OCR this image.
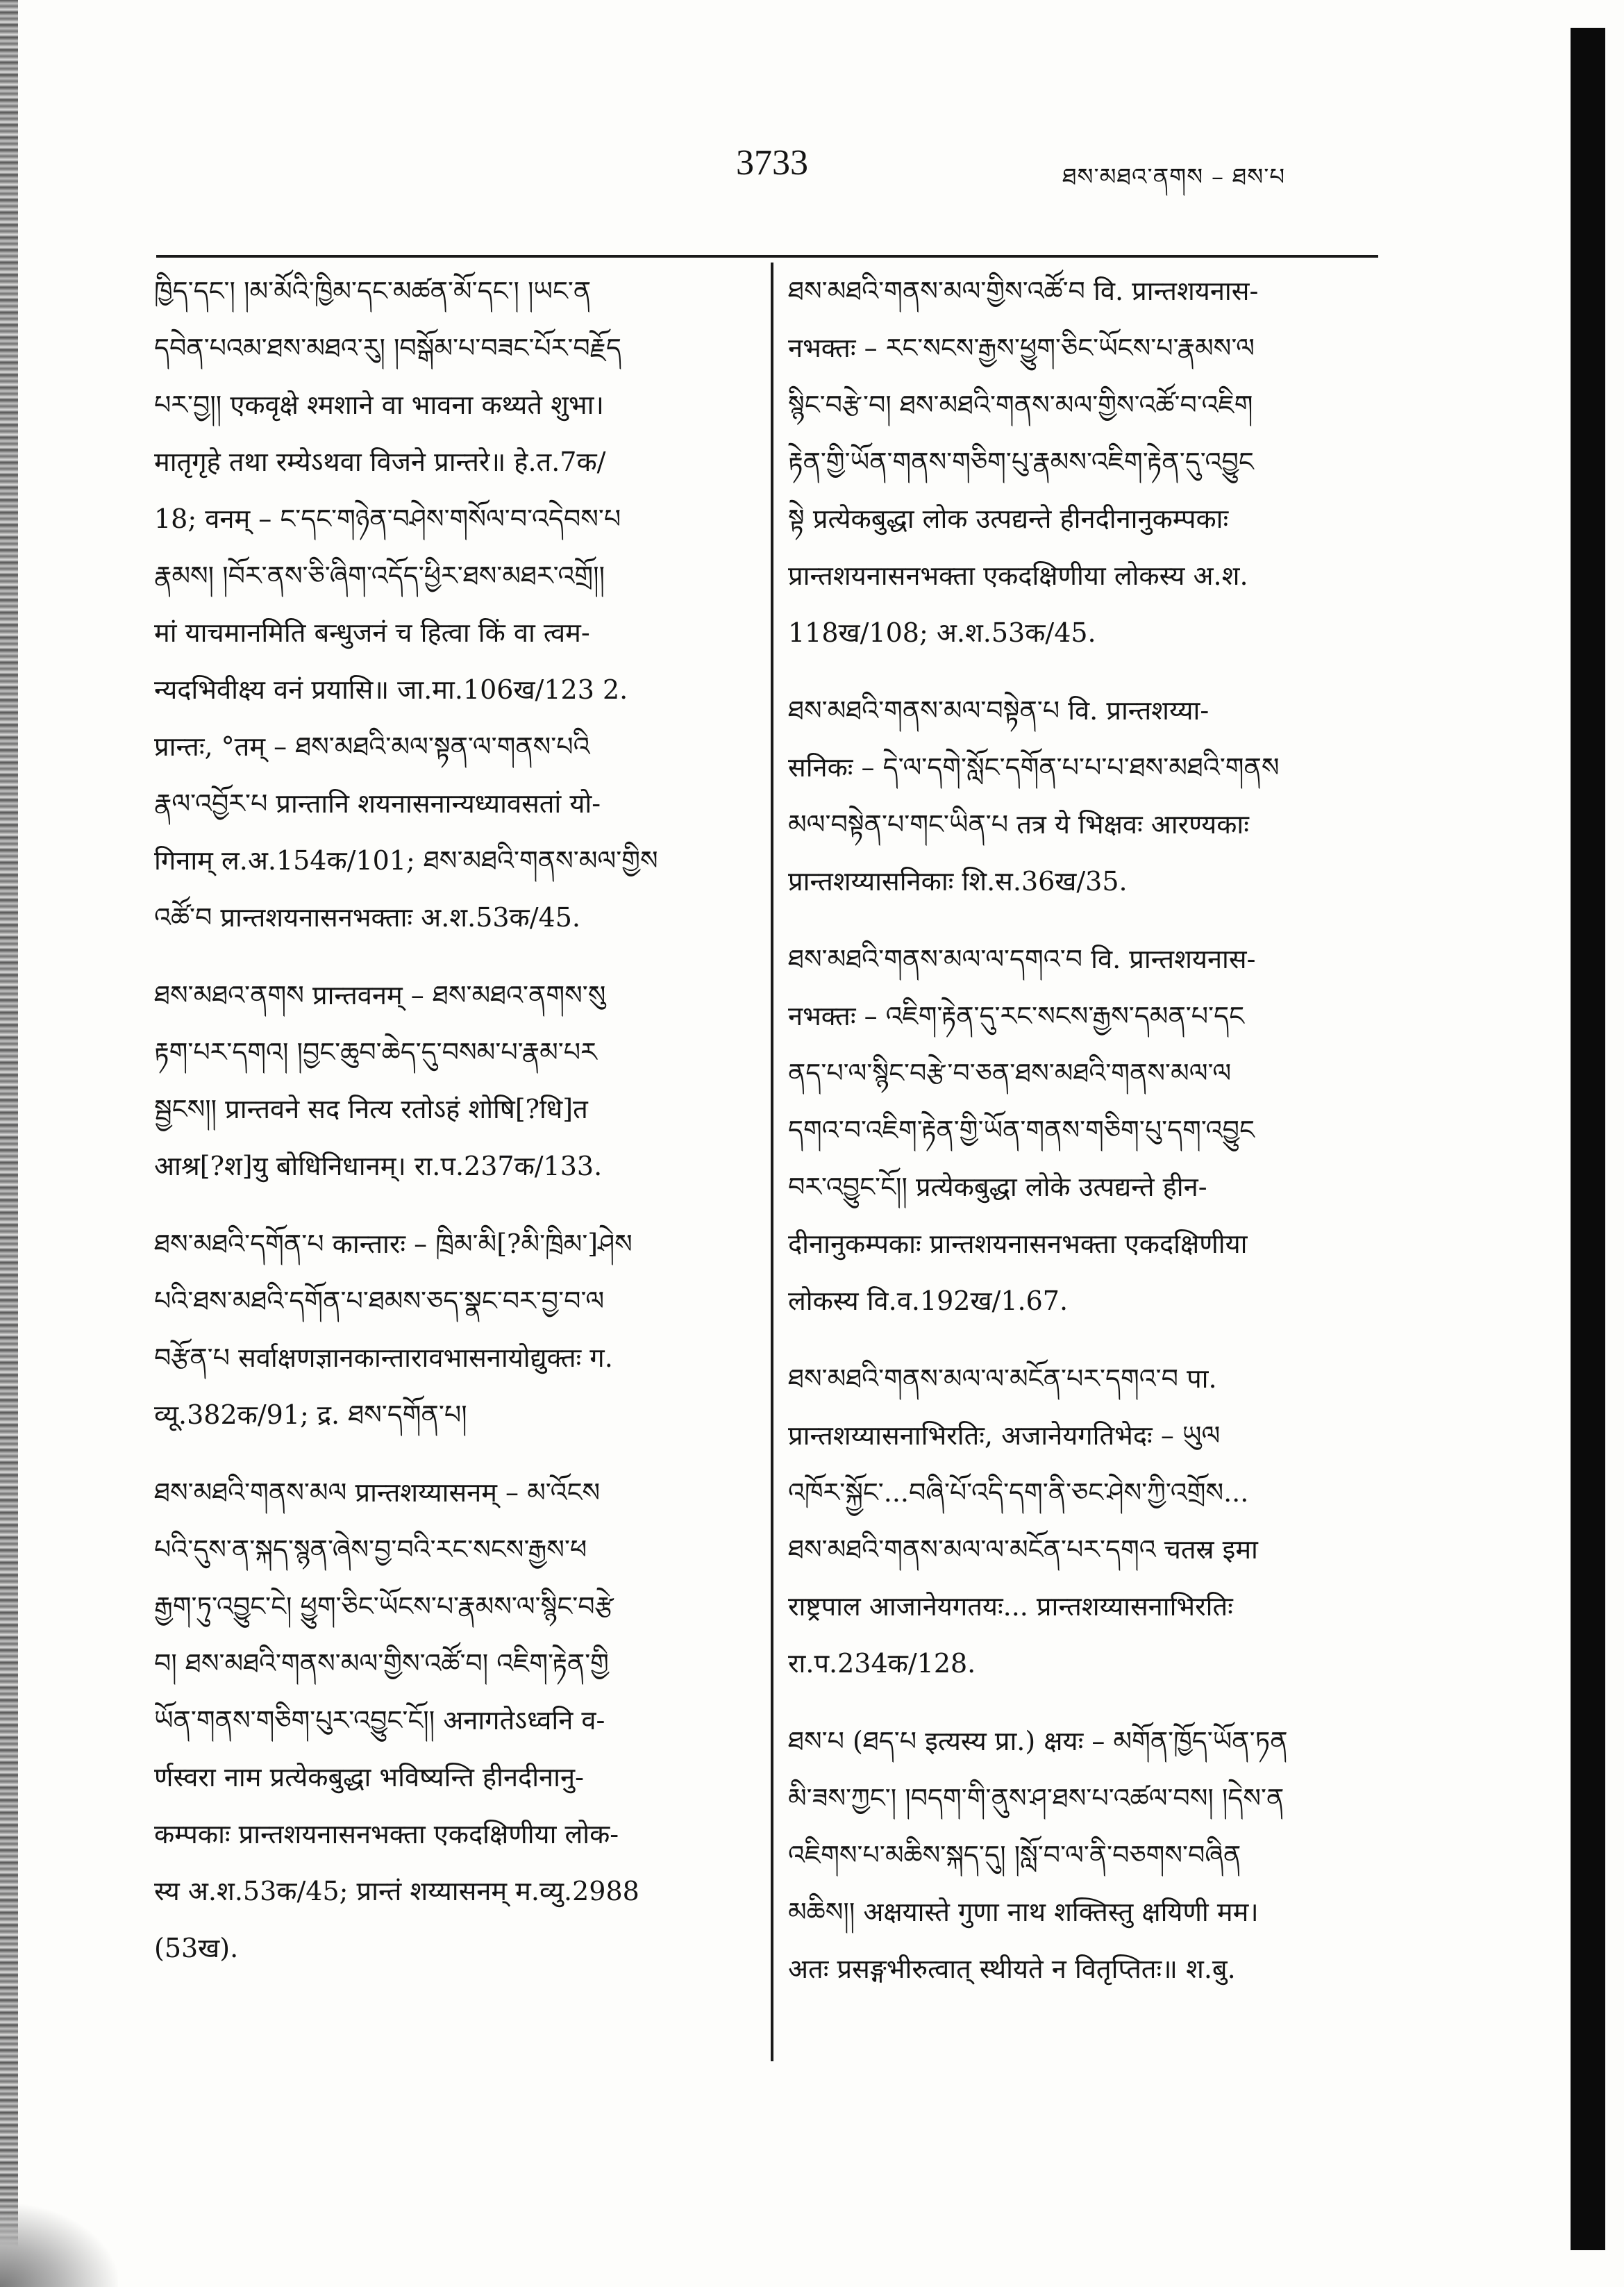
3733	ཐས་མཐའ་ནགས – ཐས་པ
ཁྱིད་དང་། །མ་མོའི་ཁྱིམ་དང་མཚན་མོ་དང་། །ཡང་ན
དབེན་པའམ་ཐས་མཐའ་རུ། །བསྒོམ་པ་བཟང་པོར་བརྗོད
པར་བྱ།། एकवृक्षे श्मशाने वा भावना कथ्यते शुभा।
मातृगृहे तथा रम्येऽथवा विजने प्रान्तरे॥ हे.त.7क/
18; वनम् – ང་དང་གཉེན་བཤེས་གསོལ་བ་འདེབས་པ
རྣམས། །བོར་ནས་ཅི་ཞིག་འདོད་ཕྱིར་ཐས་མཐར་འགྲོ།།
मां याचमानमिति बन्धुजनं च हित्वा किं वा त्वम-
न्यदभिवीक्ष्य वनं प्रयासि॥ जा.मा.106ख/123 2.
प्रान्तः, °तम् – ཐས་མཐའི་མལ་སྟན་ལ་གནས་པའི
རྣལ་འབྱོར་པ प्रान्तानि शयनासनान्यध्यावसतां यो-
गिनाम् ल.अ.154क/101; ཐས་མཐའི་གནས་མལ་གྱིས
འཚོ་བ प्रान्तशयनासनभक्ताः अ.श.53क/45.
ཐས་མཐའ་ནགས प्रान्तवनम् – ཐས་མཐའ་ནགས་སུ
རྟག་པར་དགའ། །བྱང་ཆུབ་ཆེད་དུ་བསམ་པ་རྣམ་པར
སྦྱངས།། प्रान्तवने सद नित्य रतोऽहं शोषि[?धि]त
आश्र[?श]यु बोधिनिधानम्। रा.प.237क/133.
ཐས་མཐའི་དགོན་པ कान्तारः – ཁྲིམ་མི[?མི་ཁྲིམ་]ཤེས
པའི་ཐས་མཐའི་དགོན་པ་ཐམས་ཅད་སྣང་བར་བྱ་བ་ལ
བརྩོན་པ सर्वाक्षणज्ञानकान्तारावभासनायोद्युक्तः ग.
व्यू.382क/91; द्र. ཐས་དགོན་པ།
ཐས་མཐའི་གནས་མལ प्रान्तशय्यासनम् – མ་འོངས
པའི་དུས་ན་སྐད་སྙན་ཞེས་བྱ་བའི་རང་སངས་རྒྱས་ཕ
རྒྱག་ཏུ་འབྱུང་ངེ། ཕྱུག་ཅིང་ཡོངས་པ་རྣམས་ལ་སྙིང་བརྩེ
བ། ཐས་མཐའི་གནས་མལ་གྱིས་འཚོ་བ། འཇིག་རྟེན་གྱི
ཡོན་གནས་གཅིག་པུར་འབྱུང་ངོ།། अनागतेऽध्वनि व-
र्णस्वरा नाम प्रत्येकबुद्धा भविष्यन्ति हीनदीनानु-
कम्पकाः प्रान्तशयनासनभक्ता एकदक्षिणीया लोक-
स्य अ.श.53क/45; प्रान्तं शय्यासनम् म.व्यु.2988
(53ख).
ཐས་མཐའི་གནས་མལ་གྱིས་འཚོ་བ वि. प्रान्तशयनास-
नभक्तः – རང་སངས་རྒྱས་ཕྱུག་ཅིང་ཡོངས་པ་རྣམས་ལ
སྙིང་བརྩེ་བ། ཐས་མཐའི་གནས་མལ་གྱིས་འཚོ་བ་འཇིག
རྟེན་གྱི་ཡོན་གནས་གཅིག་པུ་རྣམས་འཇིག་རྟེན་དུ་འབྱུང
སྟེ प्रत्येकबुद्धा लोक उत्पद्यन्ते हीनदीनानुकम्पकाः
प्रान्तशयनासनभक्ता एकदक्षिणीया लोकस्य अ.श.
118ख/108; अ.श.53क/45.
ཐས་མཐའི་གནས་མལ་བསྟེན་པ वि. प्रान्तशय्या-
सनिकः – དེ་ལ་དགེ་སློང་དགོན་པ་པ་པ་ཐས་མཐའི་གནས
མལ་བསྟེན་པ་གང་ཡིན་པ तत्र ये भिक्षवः आरण्यकाः
प्रान्तशय्यासनिकाः शि.स.36ख/35.
ཐས་མཐའི་གནས་མལ་ལ་དགའ་བ वि. प्रान्तशयनास-
नभक्तः – འཇིག་རྟེན་དུ་རང་སངས་རྒྱས་དམན་པ་དང
ནད་པ་ལ་སྙིང་བརྩེ་བ་ཅན་ཐས་མཐའི་གནས་མལ་ལ
དགའ་བ་འཇིག་རྟེན་གྱི་ཡོན་གནས་གཅིག་པུ་དག་འབྱུང
བར་འབྱུང་ངོ།། प्रत्येकबुद्धा लोके उत्पद्यन्ते हीन-
दीनानुकम्पकाः प्रान्तशयनासनभक्ता एकदक्षिणीया
लोकस्य वि.व.192ख/1.67.
ཐས་མཐའི་གནས་མལ་ལ་མངོན་པར་དགའ་བ पा.
प्रान्तशय्यासनाभिरतिः, अजानेयगतिभेदः – ཡུལ
འཁོར་སྐྱོང་...བཞི་པོ་འདི་དག་ནི་ཅང་ཤེས་ཀྱི་འགྲོས...
ཐས་མཐའི་གནས་མལ་ལ་མངོན་པར་དགའ चतस्र इमा
राष्ट्रपाल आजानेयगतयः... प्रान्तशय्यासनाभिरतिः
रा.प.234क/128.
ཐས་པ (ཐད་པ इत्यस्य प्रा.) क्षयः – མགོན་ཁྱོད་ཡོན་ཏན
མི་ཟས་ཀྱང་། །བདག་གི་ནུས་ཤ་ཐས་པ་འཚལ་བས། །དེས་ན
འཇིགས་པ་མཆིས་སྐད་དུ། །སློ་བ་ལ་ནི་བཅགས་བཞིན
མཆིས།། अक्षयास्ते गुणा नाथ शक्तिस्तु क्षयिणी मम।
अतः प्रसङ्गभीरुत्वात् स्थीयते न वितृप्तितः॥ श.बु.
